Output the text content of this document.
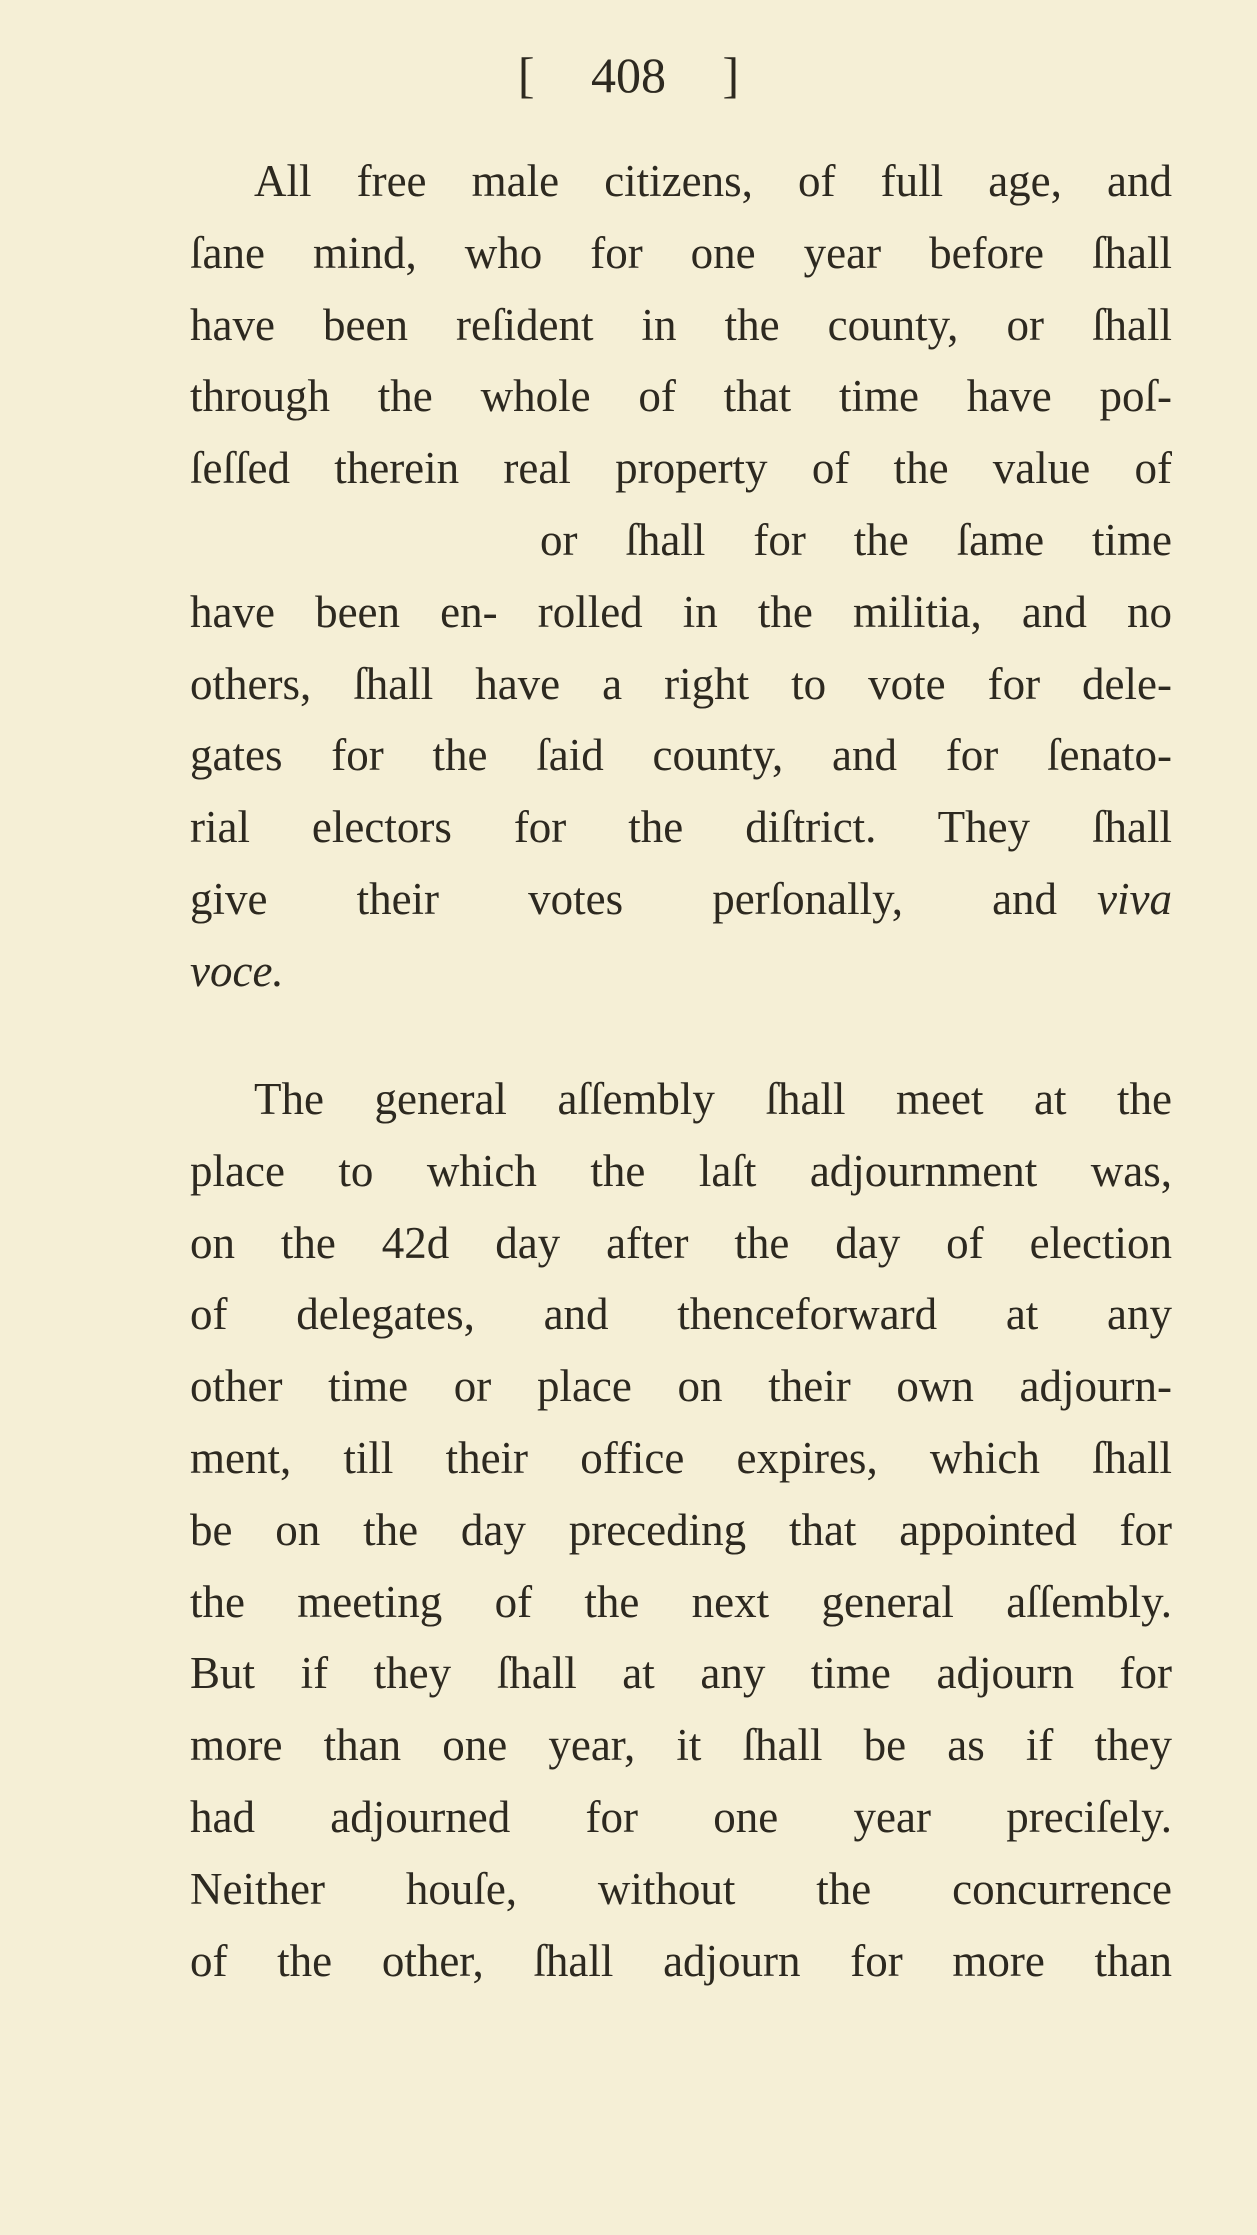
[ 408 ]
All free male citizens, of full age, and
ſane mind, who for one year before ſhall
have been reſident in the county, or ſhall
through the whole of that time have poſ-
ſeſſed therein real property of the value of
or ſhall for the ſame time
have been en- rolled in the militia, and no
others, ſhall have a right to vote for dele-
gates for the ſaid county, and for ſenato-
rial electors for the diſtrict. They ſhall
give their votes perſonally, and viva
voce.
The general aſſembly ſhall meet at the
place to which the laſt adjournment was,
on the 42d day after the day of election
of delegates, and thenceforward at any
other time or place on their own adjourn-
ment, till their office expires, which ſhall
be on the day preceding that appointed for
the meeting of the next general aſſembly.
But if they ſhall at any time adjourn for
more than one year, it ſhall be as if they
had adjourned for one year preciſely.
Neither houſe, without the concurrence
of the other, ſhall adjourn for more than
